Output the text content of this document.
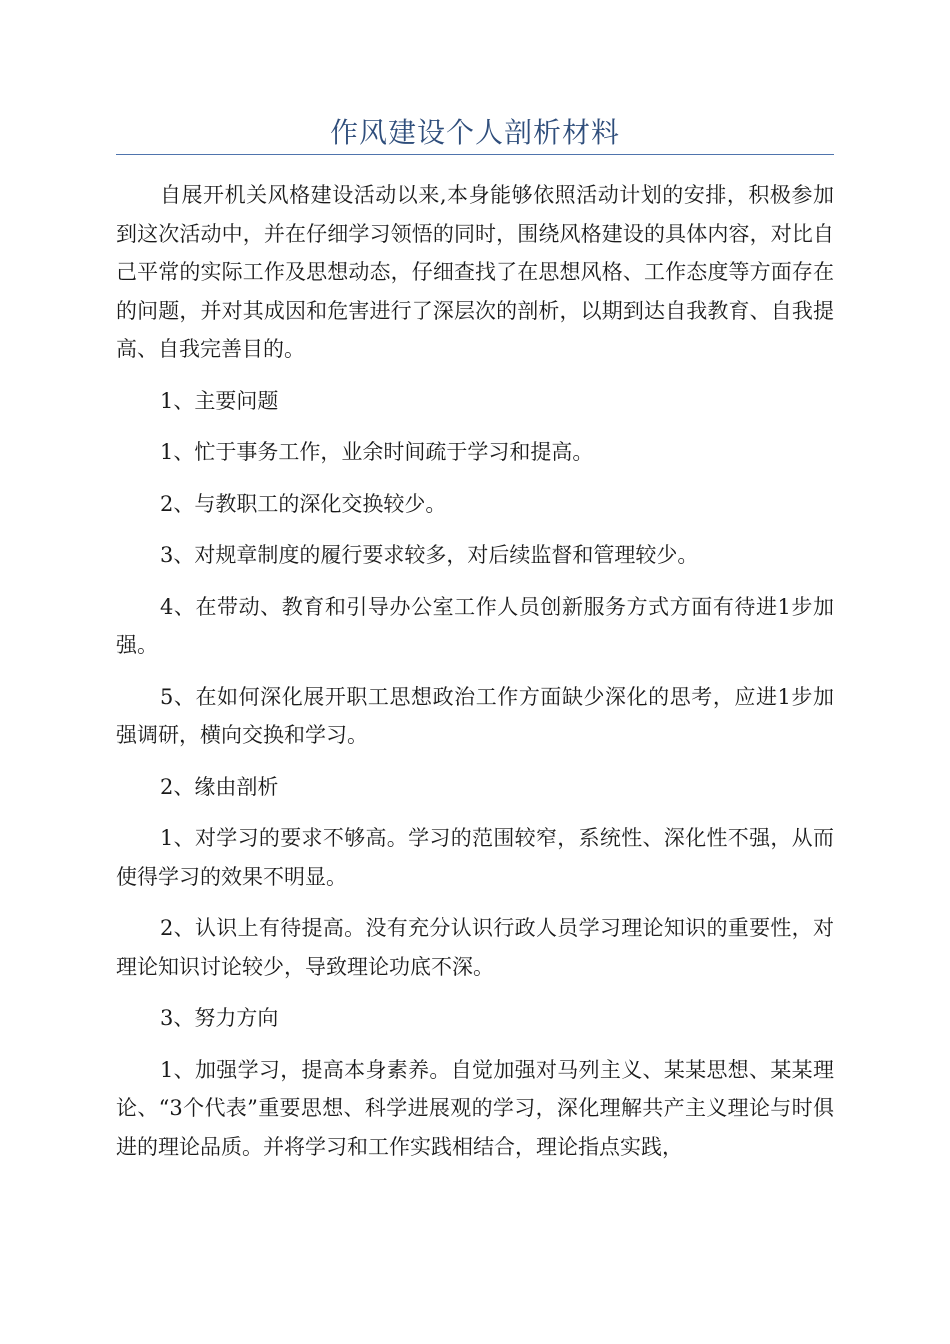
作风建设个人剖析材料

自展开机关风格建设活动以来,本身能够依照活动计划的安排，积极参加到这次活动中，并在仔细学习领悟的同时，围绕风格建设的具体内容，对比自己平常的实际工作及思想动态，仔细查找了在思想风格、工作态度等方面存在的问题，并对其成因和危害进行了深层次的剖析，以期到达自我教育、自我提高、自我完善目的。

1、主要问题

1、忙于事务工作，业余时间疏于学习和提高。

2、与教职工的深化交换较少。

3、对规章制度的履行要求较多，对后续监督和管理较少。

4、在带动、教育和引导办公室工作人员创新服务方式方面有待进1步加强。

5、在如何深化展开职工思想政治工作方面缺少深化的思考，应进1步加强调研，横向交换和学习。

2、缘由剖析

1、对学习的要求不够高。学习的范围较窄，系统性、深化性不强，从而使得学习的效果不明显。

2、认识上有待提高。没有充分认识行政人员学习理论知识的重要性，对理论知识讨论较少，导致理论功底不深。

3、努力方向

1、加强学习，提高本身素养。自觉加强对马列主义、某某思想、某某理论、“3个代表”重要思想、科学进展观的学习，深化理解共产主义理论与时俱进的理论品质。并将学习和工作实践相结合，理论指点实践，
